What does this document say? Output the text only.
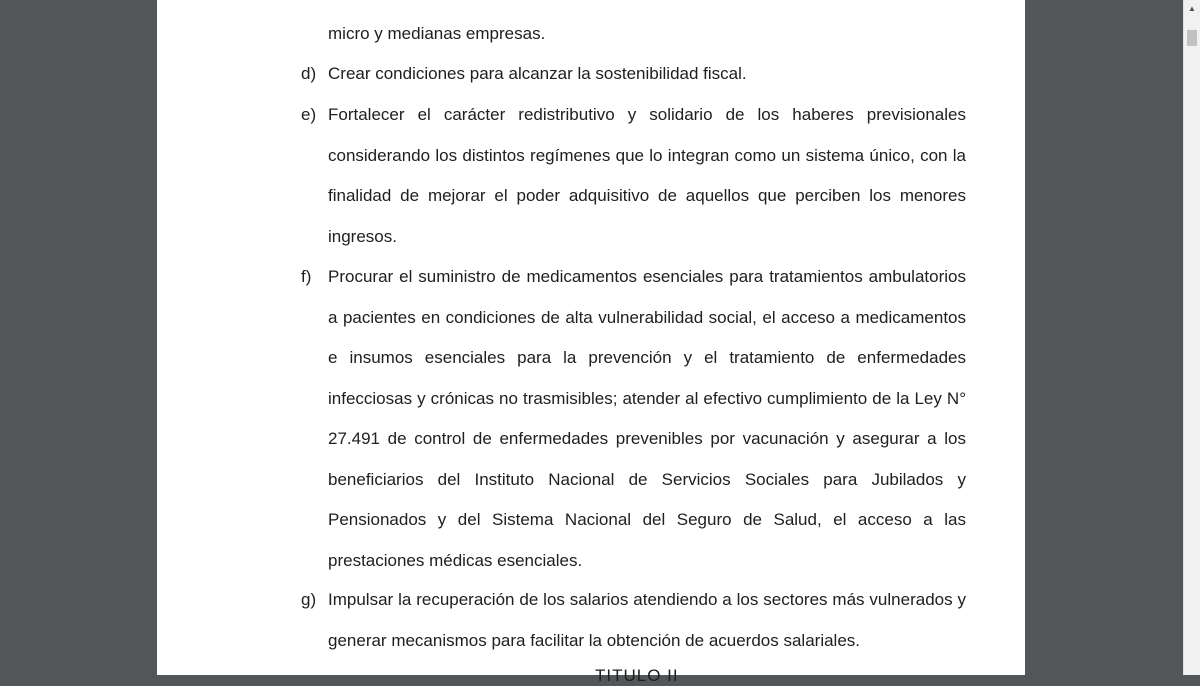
micro y medianas empresas.
d) Crear condiciones para alcanzar la sostenibilidad fiscal.
e) Fortalecer el carácter redistributivo y solidario de los haberes previsionales considerando los distintos regímenes que lo integran como un sistema único, con la finalidad de mejorar el poder adquisitivo de aquellos que perciben los menores ingresos.
f) Procurar el suministro de medicamentos esenciales para tratamientos ambulatorios a pacientes en condiciones de alta vulnerabilidad social, el acceso a medicamentos e insumos esenciales para la prevención y el tratamiento de enfermedades infecciosas y crónicas no trasmisibles; atender al efectivo cumplimiento de la Ley N° 27.491 de control de enfermedades prevenibles por vacunación y asegurar a los beneficiarios del Instituto Nacional de Servicios Sociales para Jubilados y Pensionados y del Sistema Nacional del Seguro de Salud, el acceso a las prestaciones médicas esenciales.
g) Impulsar la recuperación de los salarios atendiendo a los sectores más vulnerados y generar mecanismos para facilitar la obtención de acuerdos salariales.
TITULO II
▲
